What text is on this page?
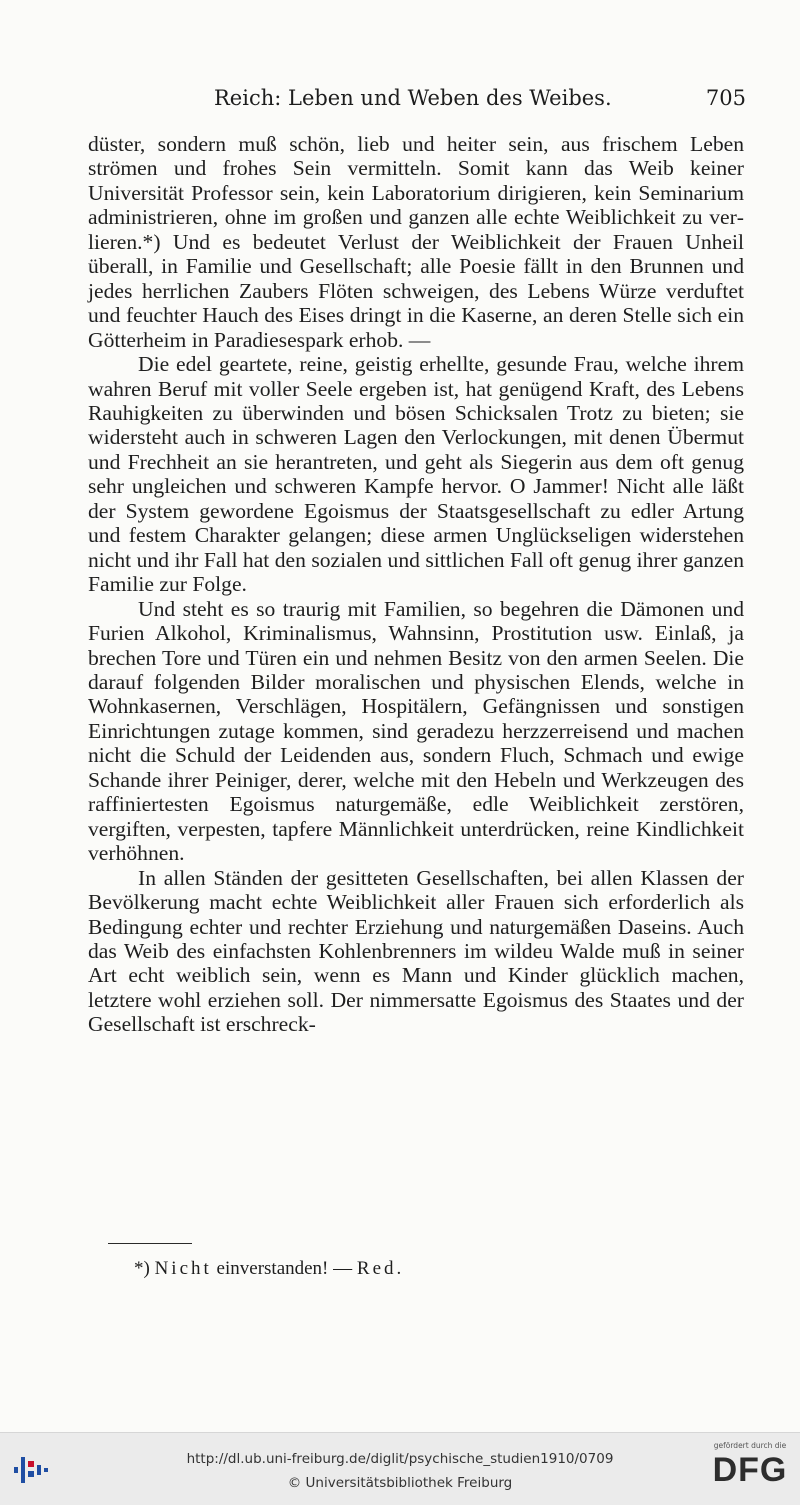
Reich: Leben und Weben des Weibes.	705

düster, sondern muß schön, lieb und heiter sein, aus frischem Leben strömen und frohes Sein vermitteln. Somit kann das Weib keiner Universität Professor sein, kein Laboratorium dirigieren, kein Seminarium administrieren, ohne im großen und ganzen alle echte Weiblichkeit zu verlieren.*) Und es bedeutet Verlust der Weiblichkeit der Frauen Unheil überall, in Familie und Gesellschaft; alle Poesie fällt in den Brunnen und jedes herrlichen Zaubers Flöten schweigen, des Lebens Würze verduftet und feuchter Hauch des Eises dringt in die Kaserne, an deren Stelle sich ein Götterheim in Paradiesespark erhob. —

Die edel geartete, reine, geistig erhellte, gesunde Frau, welche ihrem wahren Beruf mit voller Seele ergeben ist, hat genügend Kraft, des Lebens Rauhigkeiten zu überwinden und bösen Schicksalen Trotz zu bieten; sie widersteht auch in schweren Lagen den Verlockungen, mit denen Übermut und Frechheit an sie herantreten, und geht als Siegerin aus dem oft genug sehr ungleichen und schweren Kampfe hervor. O Jammer! Nicht alle läßt der System gewordene Egoismus der Staatsgesellschaft zu edler Artung und festem Charakter gelangen; diese armen Unglückseligen widerstehen nicht und ihr Fall hat den sozialen und sittlichen Fall oft genug ihrer ganzen Familie zur Folge.

Und steht es so traurig mit Familien, so begehren die Dämonen und Furien Alkohol, Kriminalismus, Wahnsinn, Prostitution usw. Einlaß, ja brechen Tore und Türen ein und nehmen Besitz von den armen Seelen. Die darauf folgenden Bilder moralischen und physischen Elends, welche in Wohnkasernen, Verschlägen, Hospitälern, Gefängnissen und sonstigen Einrichtungen zutage kommen, sind geradezu herzzerreisend und machen nicht die Schuld der Leidenden aus, sondern Fluch, Schmach und ewige Schande ihrer Peiniger, derer, welche mit den Hebeln und Werkzeugen des raffiniertesten Egoismus naturgemäße, edle Weiblichkeit zerstören, vergiften, verpesten, tapfere Männlichkeit unterdrücken, reine Kindlichkeit verhöhnen.

In allen Ständen der gesitteten Gesellschaften, bei allen Klassen der Bevölkerung macht echte Weiblichkeit aller Frauen sich erforderlich als Bedingung echter und rechter Erziehung und naturgemäßen Daseins. Auch das Weib des einfachsten Kohlenbrenners im wildeu Walde muß in seiner Art echt weiblich sein, wenn es Mann und Kinder glücklich machen, letztere wohl erziehen soll. Der nimmersatte Egoismus des Staates und der Gesellschaft ist erschreck-

*) Nicht einverstanden! — Red.
http://dl.ub.uni-freiburg.de/diglit/psychische_studien1910/0709
© Universitätsbibliothek Freiburg
gefördert durch die
DFG
